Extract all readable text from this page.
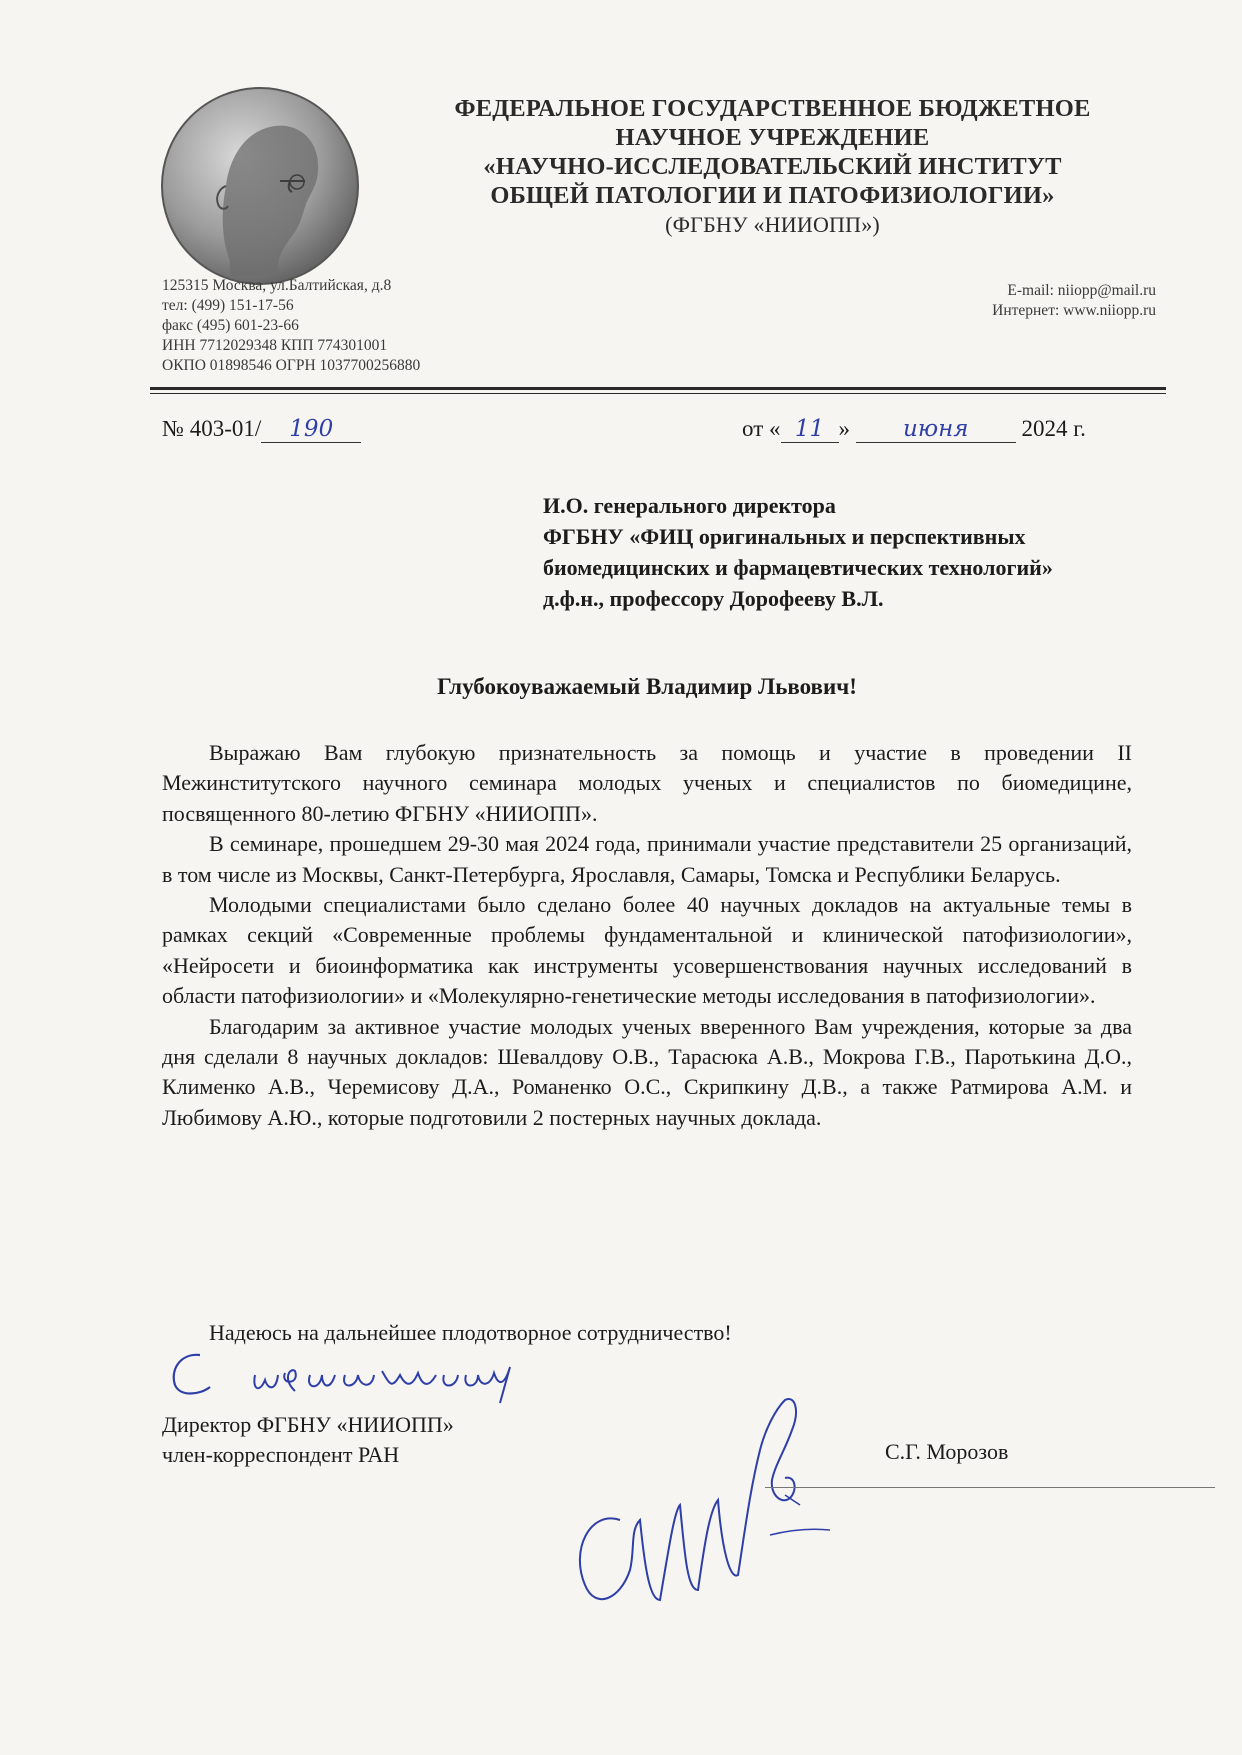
ФЕДЕРАЛЬНОЕ ГОСУДАРСТВЕННОЕ БЮДЖЕТНОЕ
НАУЧНОЕ УЧРЕЖДЕНИЕ
«НАУЧНО-ИССЛЕДОВАТЕЛЬСКИЙ ИНСТИТУТ
ОБЩЕЙ ПАТОЛОГИИ И ПАТОФИЗИОЛОГИИ»
(ФГБНУ «НИИОПП»)
125315 Москва, ул.Балтийская, д.8
тел: (499) 151-17-56
факс (495) 601-23-66
ИНН 7712029348 КПП 774301001
ОКПО 01898546 ОГРН 1037700256880
E-mail: niiopp@mail.ru
Интернет: www.niiopp.ru
№ 403-01/ 190	от « 11 » июня 2024 г.
И.О. генерального директора
ФГБНУ «ФИЦ оригинальных и перспективных
биомедицинских и фармацевтических технологий»
д.ф.н., профессору Дорофееву В.Л.
Глубокоуважаемый Владимир Львович!

Выражаю Вам глубокую признательность за помощь и участие в проведении II Межинститутского научного семинара молодых ученых и специалистов по биомедицине, посвященного 80-летию ФГБНУ «НИИОПП».

В семинаре, прошедшем 29-30 мая 2024 года, принимали участие представители 25 организаций, в том числе из Москвы, Санкт-Петербурга, Ярославля, Самары, Томска и Республики Беларусь.

Молодыми специалистами было сделано более 40 научных докладов на актуальные темы в рамках секций «Современные проблемы фундаментальной и клинической патофизиологии», «Нейросети и биоинформатика как инструменты усовершенствования научных исследований в области патофизиологии» и «Молекулярно-генетические методы исследования в патофизиологии».

Благодарим за активное участие молодых ученых вверенного Вам учреждения, которые за два дня сделали 8 научных докладов: Шевалдову О.В., Тарасюка А.В., Мокрова Г.В., Паротькина Д.О., Клименко А.В., Черемисову Д.А., Романенко О.С., Скрипкину Д.В., а также Ратмирова А.М. и Любимову А.Ю., которые подготовили 2 постерных научных доклада.

Надеюсь на дальнейшее плодотворное сотрудничество!
Директор ФГБНУ «НИИОПП»
член-корреспондент РАН	С.Г. Морозов
